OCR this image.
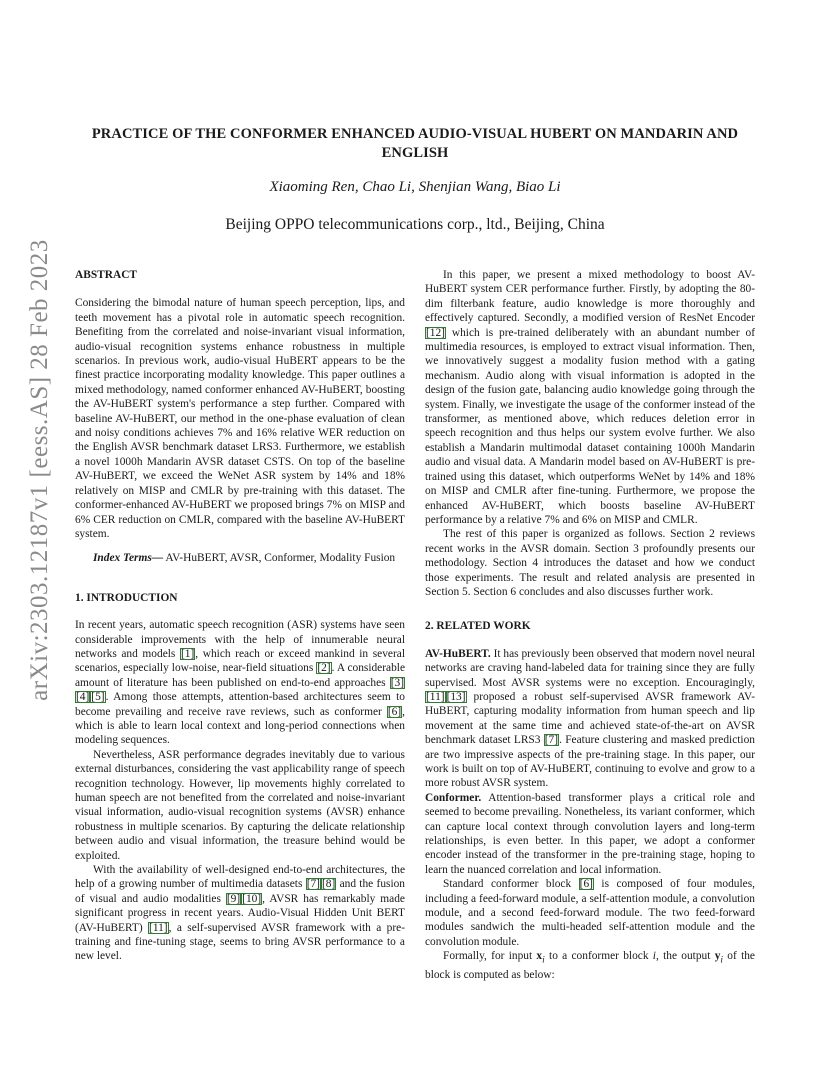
arXiv:2303.12187v1 [eess.AS] 28 Feb 2023
PRACTICE OF THE CONFORMER ENHANCED AUDIO-VISUAL HUBERT ON MANDARIN AND ENGLISH
Xiaoming Ren, Chao Li, Shenjian Wang, Biao Li
Beijing OPPO telecommunications corp., ltd., Beijing, China

ABSTRACT

Considering the bimodal nature of human speech perception, lips, and teeth movement has a pivotal role in automatic speech recognition. Benefiting from the correlated and noise-invariant visual information, audio-visual recognition systems enhance robustness in multiple scenarios. In previous work, audio-visual HuBERT appears to be the finest practice incorporating modality knowledge. This paper outlines a mixed methodology, named conformer enhanced AV-HuBERT, boosting the AV-HuBERT system's performance a step further. Compared with baseline AV-HuBERT, our method in the one-phase evaluation of clean and noisy conditions achieves 7% and 16% relative WER reduction on the English AVSR benchmark dataset LRS3. Furthermore, we establish a novel 1000h Mandarin AVSR dataset CSTS. On top of the baseline AV-HuBERT, we exceed the WeNet ASR system by 14% and 18% relatively on MISP and CMLR by pre-training with this dataset. The conformer-enhanced AV-HuBERT we proposed brings 7% on MISP and 6% CER reduction on CMLR, compared with the baseline AV-HuBERT system.

Index Terms— AV-HuBERT, AVSR, Conformer, Modality Fusion

1. INTRODUCTION

In recent years, automatic speech recognition (ASR) systems have seen considerable improvements with the help of innumerable neural networks and models [1], which reach or exceed mankind in several scenarios, especially low-noise, near-field situations [2]. A considerable amount of literature has been published on end-to-end approaches [3][4] [5]. Among those attempts, attention-based architectures seem to become prevailing and receive rave reviews, such as conformer [6], which is able to learn local context and long-period connections when modeling sequences.

Nevertheless, ASR performance degrades inevitably due to various external disturbances, considering the vast applicability range of speech recognition technology. However, lip movements highly correlated to human speech are not benefited from the correlated and noise-invariant visual information, audio-visual recognition systems (AVSR) enhance robustness in multiple scenarios. By capturing the delicate relationship between audio and visual information, the treasure behind would be exploited.

With the availability of well-designed end-to-end architectures, the help of a growing number of multimedia datasets [7] [8] and the fusion of visual and audio modalities [9] [10], AVSR has remarkably made significant progress in recent years. Audio-Visual Hidden Unit BERT (AV-HuBERT) [11], a self-supervised AVSR framework with a pre-training and fine-tuning stage, seems to bring AVSR performance to a new level.

In this paper, we present a mixed methodology to boost AV-HuBERT system CER performance further. Firstly, by adopting the 80-dim filterbank feature, audio knowledge is more thoroughly and effectively captured. Secondly, a modified version of ResNet Encoder [12] which is pre-trained deliberately with an abundant number of multimedia resources, is employed to extract visual information. Then, we innovatively suggest a modality fusion method with a gating mechanism. Audio along with visual information is adopted in the design of the fusion gate, balancing audio knowledge going through the system. Finally, we investigate the usage of the conformer instead of the transformer, as mentioned above, which reduces deletion error in speech recognition and thus helps our system evolve further. We also establish a Mandarin multimodal dataset containing 1000h Mandarin audio and visual data. A Mandarin model based on AV-HuBERT is pre-trained using this dataset, which outperforms WeNet by 14% and 18% on MISP and CMLR after fine-tuning. Furthermore, we propose the enhanced AV-HuBERT, which boosts baseline AV-HuBERT performance by a relative 7% and 6% on MISP and CMLR.

The rest of this paper is organized as follows. Section 2 reviews recent works in the AVSR domain. Section 3 profoundly presents our methodology. Section 4 introduces the dataset and how we conduct those experiments. The result and related analysis are presented in Section 5. Section 6 concludes and also discusses further work.

2. RELATED WORK

AV-HuBERT. It has previously been observed that modern novel neural networks are craving hand-labeled data for training since they are fully supervised. Most AVSR systems were no exception. Encouragingly, [11] [13] proposed a robust self-supervised AVSR framework AV-HuBERT, capturing modality information from human speech and lip movement at the same time and achieved state-of-the-art on AVSR benchmark dataset LRS3 [7]. Feature clustering and masked prediction are two impressive aspects of the pre-training stage. In this paper, our work is built on top of AV-HuBERT, continuing to evolve and grow to a more robust AVSR system.

Conformer. Attention-based transformer plays a critical role and seemed to become prevailing. Nonetheless, its variant conformer, which can capture local context through convolution layers and long-term relationships, is even better. In this paper, we adopt a conformer encoder instead of the transformer in the pre-training stage, hoping to learn the nuanced correlation and local information.

Standard conformer block [6] is composed of four modules, including a feed-forward module, a self-attention module, a convolution module, and a second feed-forward module. The two feed-forward modules sandwich the multi-headed self-attention module and the convolution module.

Formally, for input $x_i$ to a conformer block i, the output $y_i$ of the block is computed as below:
